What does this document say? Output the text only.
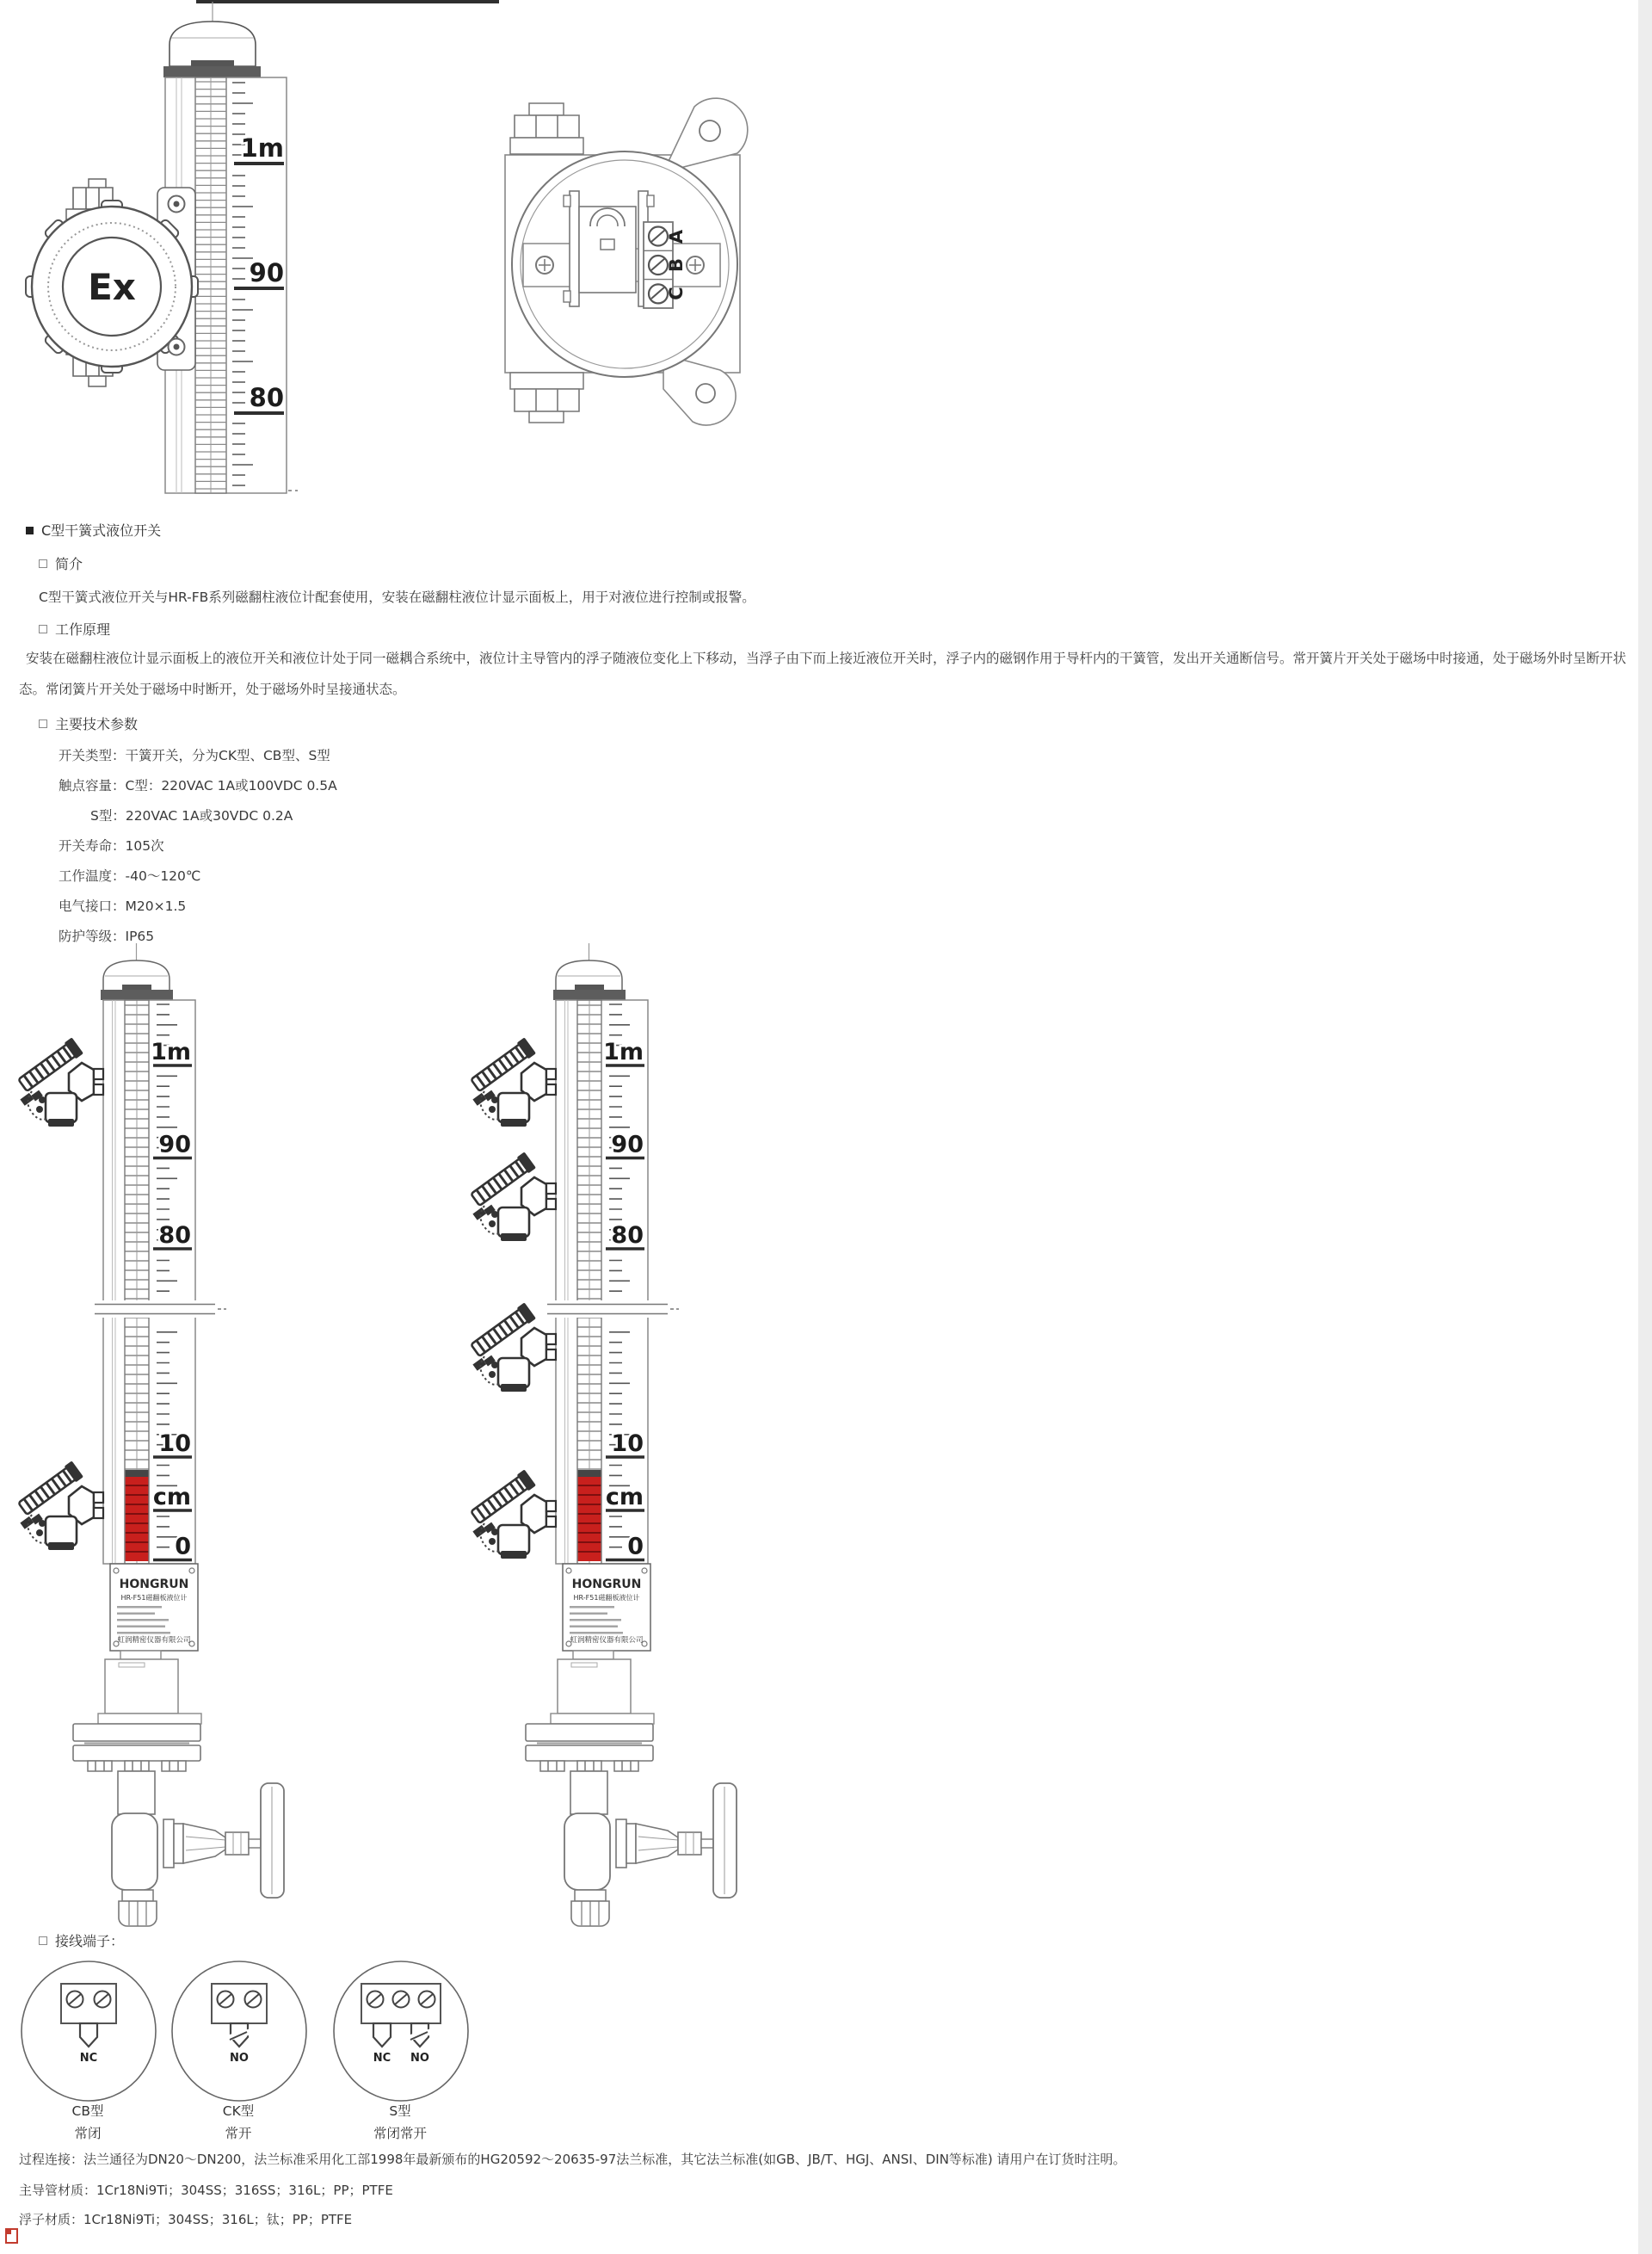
1m
90
80
Ex
A
B
C
C型干簧式液位开关
简介
C型干簧式液位开关与HR-FB系列磁翻柱液位计配套使用，安装在磁翻柱液位计显示面板上，用于对液位进行控制或报警。
工作原理
安装在磁翻柱液位计显示面板上的液位开关和液位计处于同一磁耦合系统中，液位计主导管内的浮子随液位变化上下移动，当浮子由下而上接近液位开关时，浮子内的磁钢作用于导杆内的干簧管，发出开关通断信号。常开簧片开关处于磁场中时接通，处于磁场外时呈断开状态。常闭簧片开关处于磁场中时断开，处于磁场外时呈接通状态。
主要技术参数
开关类型：干簧开关，分为CK型、CB型、S型
触点容量：C型：220VAC 1A或100VDC 0.5A
S型：220VAC 1A或30VDC 0.2A
开关寿命：105次
工作温度：-40～120℃
电气接口：M20×1.5
防护等级：IP65
1m
90
80
10
cm
0
HONGRUN
HR-F51磁翻板液位计
虹润精密仪器有限公司
1m
90
80
10
cm
0
HONGRUN
HR-F51磁翻板液位计
虹润精密仪器有限公司
接线端子：
NC	NO	NC NO
CB型
常闭
CK型
常开
S型
常闭常开
过程连接：法兰通径为DN20～DN200，法兰标准采用化工部1998年最新颁布的HG20592～20635-97法兰标准，其它法兰标准(如GB、JB/T、HGJ、ANSI、DIN等标准) 请用户在订货时注明。
主导管材质：1Cr18Ni9Ti；304SS；316SS；316L；PP；PTFE
浮子材质：1Cr18Ni9Ti；304SS；316L；钛；PP；PTFE
